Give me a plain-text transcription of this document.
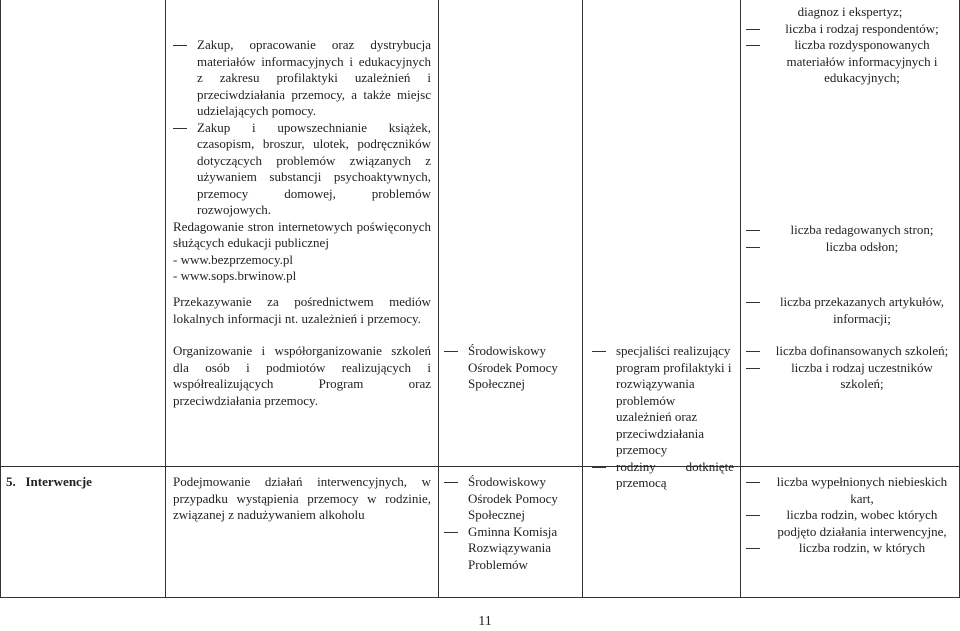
5. Interwencje
Zakup, opracowanie oraz dystrybucja materiałów informacyjnych i edukacyjnych z zakresu profilaktyki uzależnień i przeciwdziałania przemocy, a także miejsc udzielających pomocy.
Zakup i upowszechnianie książek, czasopism, broszur, ulotek, podręczników dotyczących problemów związanych z używaniem substancji psychoaktywnych, przemocy domowej, problemów rozwojowych.

Redagowanie stron internetowych poświęconych służących edukacji publicznej

- www.bezprzemocy.pl

- www.sops.brwinow.pl

Przekazywanie za pośrednictwem mediów lokalnych informacji nt. uzależnień i przemocy.
Organizowanie i współorganizowanie szkoleń dla osób i podmiotów realizujących i współrealizujących Program oraz przeciwdziałania przemocy.
Podejmowanie działań interwencyjnych, w przypadku wystąpienia przemocy w rodzinie, związanej z nadużywaniem alkoholu
Środowiskowy Ośrodek Pomocy Społecznej
Środowiskowy Ośrodek Pomocy Społecznej
Gminna Komisja Rozwiązywania Problemów
specjaliści realizujący program profilaktyki i rozwiązywania problemów uzależnień oraz przeciwdziałania przemocy
rodziny dotknięte przemocą
diagnoz i ekspertyz;
liczba i rodzaj respondentów;
liczba rozdysponowanych materiałów informacyjnych i edukacyjnych;
liczba redagowanych stron;
liczba odsłon;
liczba przekazanych artykułów, informacji;
liczba dofinansowanych szkoleń;
liczba i rodzaj uczestników szkoleń;
liczba wypełnionych niebieskich kart,
liczba rodzin, wobec których podjęto działania interwencyjne,
liczba rodzin, w których
11
